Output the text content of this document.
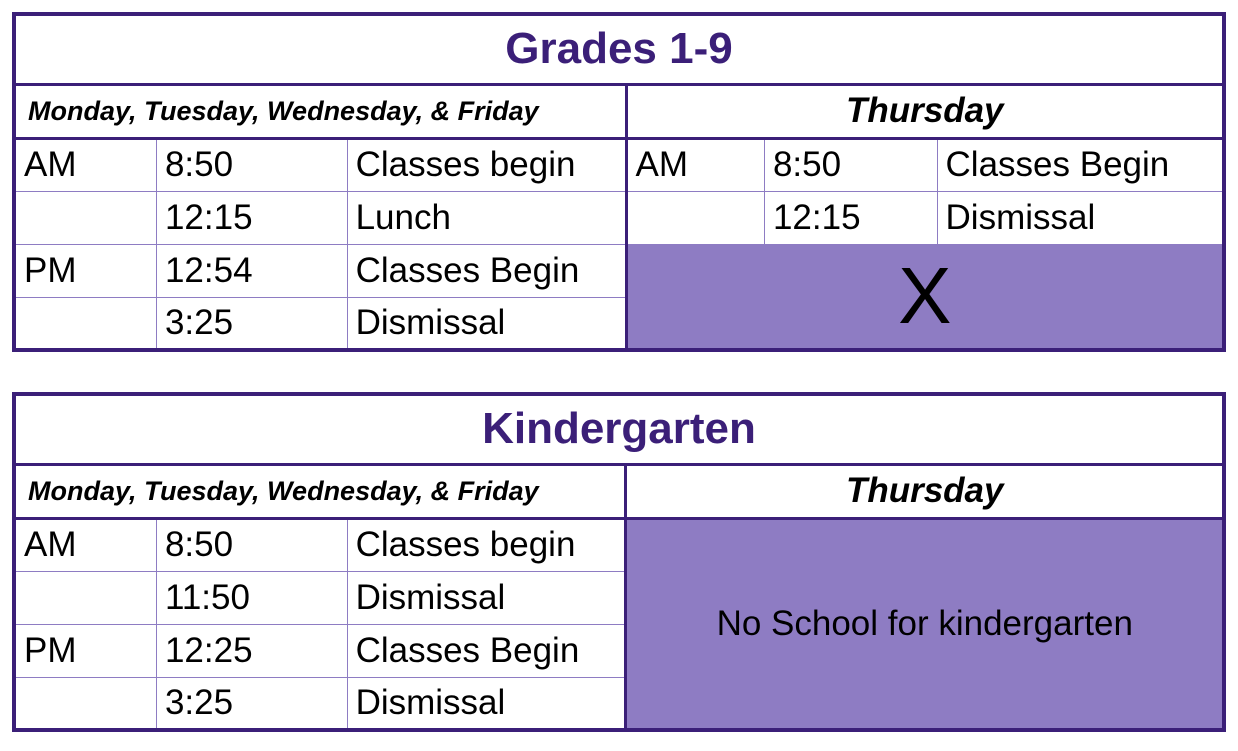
Grades 1-9					
Monday, Tuesday, Wednesday, & Friday			Thursday		
AM	8:50	Classes begin	AM	8:50	Classes Begin
	12:15	Lunch		12:15	Dismissal
PM	12:54	Classes Begin	X		
	3:25	Dismissal			
Kindergarten			
Monday, Tuesday, Wednesday, & Friday			Thursday
AM	8:50	Classes begin	No School for kindergarten
	11:50	Dismissal	
PM	12:25	Classes Begin	
	3:25	Dismissal	
